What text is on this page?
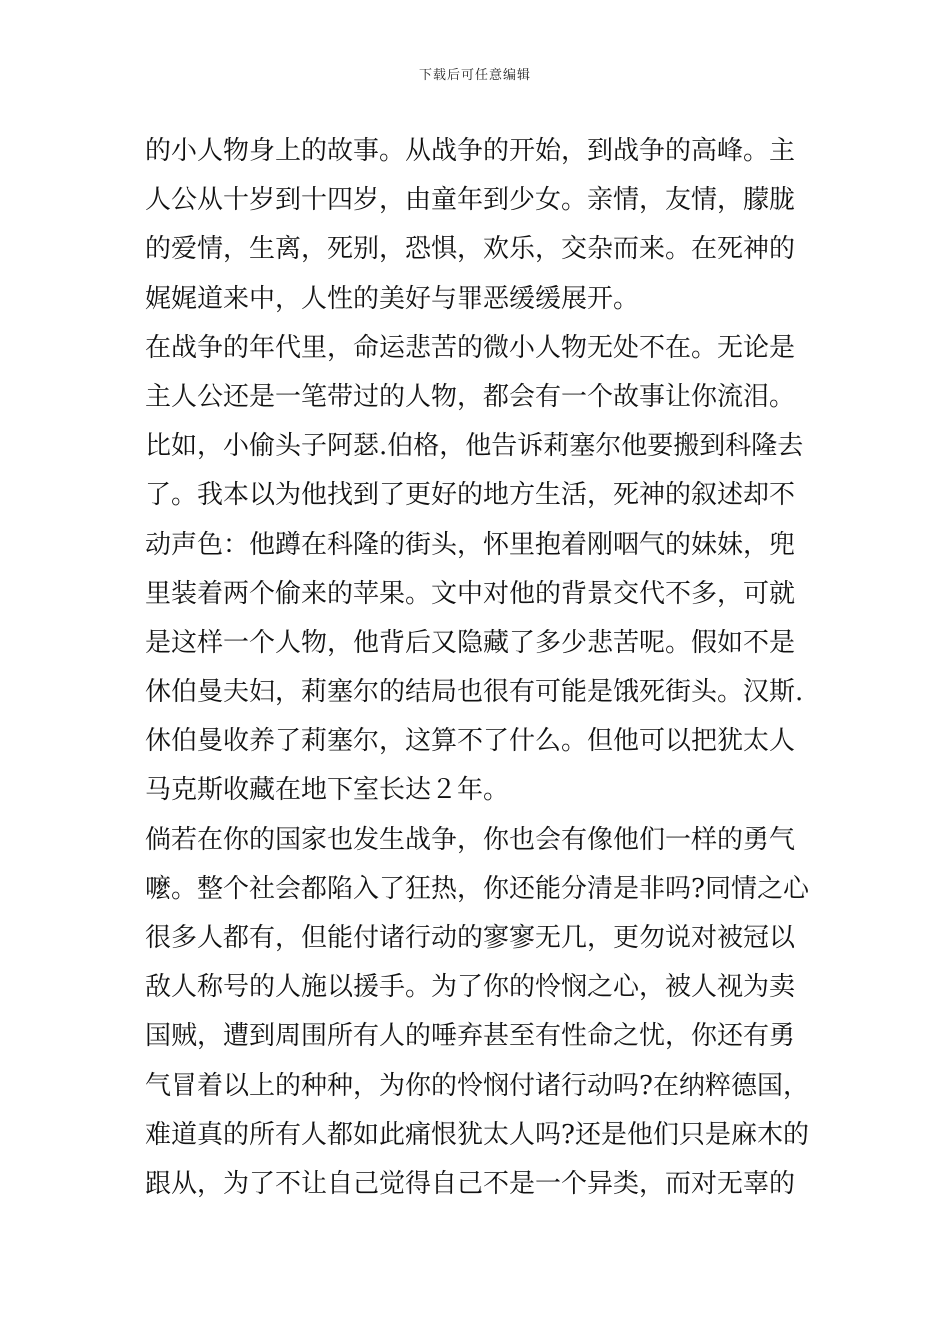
下载后可任意编辑
的小人物身上的故事。从战争的开始，到战争的高峰。主
人公从十岁到十四岁，由童年到少女。亲情，友情，朦胧
的爱情，生离，死别，恐惧，欢乐，交杂而来。在死神的
娓娓道来中，人性的美好与罪恶缓缓展开。
在战争的年代里，命运悲苦的微小人物无处不在。无论是
主人公还是一笔带过的人物，都会有一个故事让你流泪。
比如，小偷头子阿瑟.伯格，他告诉莉塞尔他要搬到科隆去
了。我本以为他找到了更好的地方生活，死神的叙述却不
动声色：他蹲在科隆的街头，怀里抱着刚咽气的妹妹，兜
里装着两个偷来的苹果。文中对他的背景交代不多，可就
是这样一个人物，他背后又隐藏了多少悲苦呢。假如不是
休伯曼夫妇，莉塞尔的结局也很有可能是饿死街头。汉斯.
休伯曼收养了莉塞尔，这算不了什么。但他可以把犹太人
马克斯收藏在地下室长达２年。
倘若在你的国家也发生战争，你也会有像他们一样的勇气
嚒。整个社会都陷入了狂热，你还能分清是非吗?同情之心
很多人都有，但能付诸行动的寥寥无几，更勿说对被冠以
敌人称号的人施以援手。为了你的怜悯之心，被人视为卖
国贼，遭到周围所有人的唾弃甚至有性命之忧，你还有勇
气冒着以上的种种，为你的怜悯付诸行动吗?在纳粹德国，
难道真的所有人都如此痛恨犹太人吗?还是他们只是麻木的
跟从，为了不让自己觉得自己不是一个异类，而对无辜的
